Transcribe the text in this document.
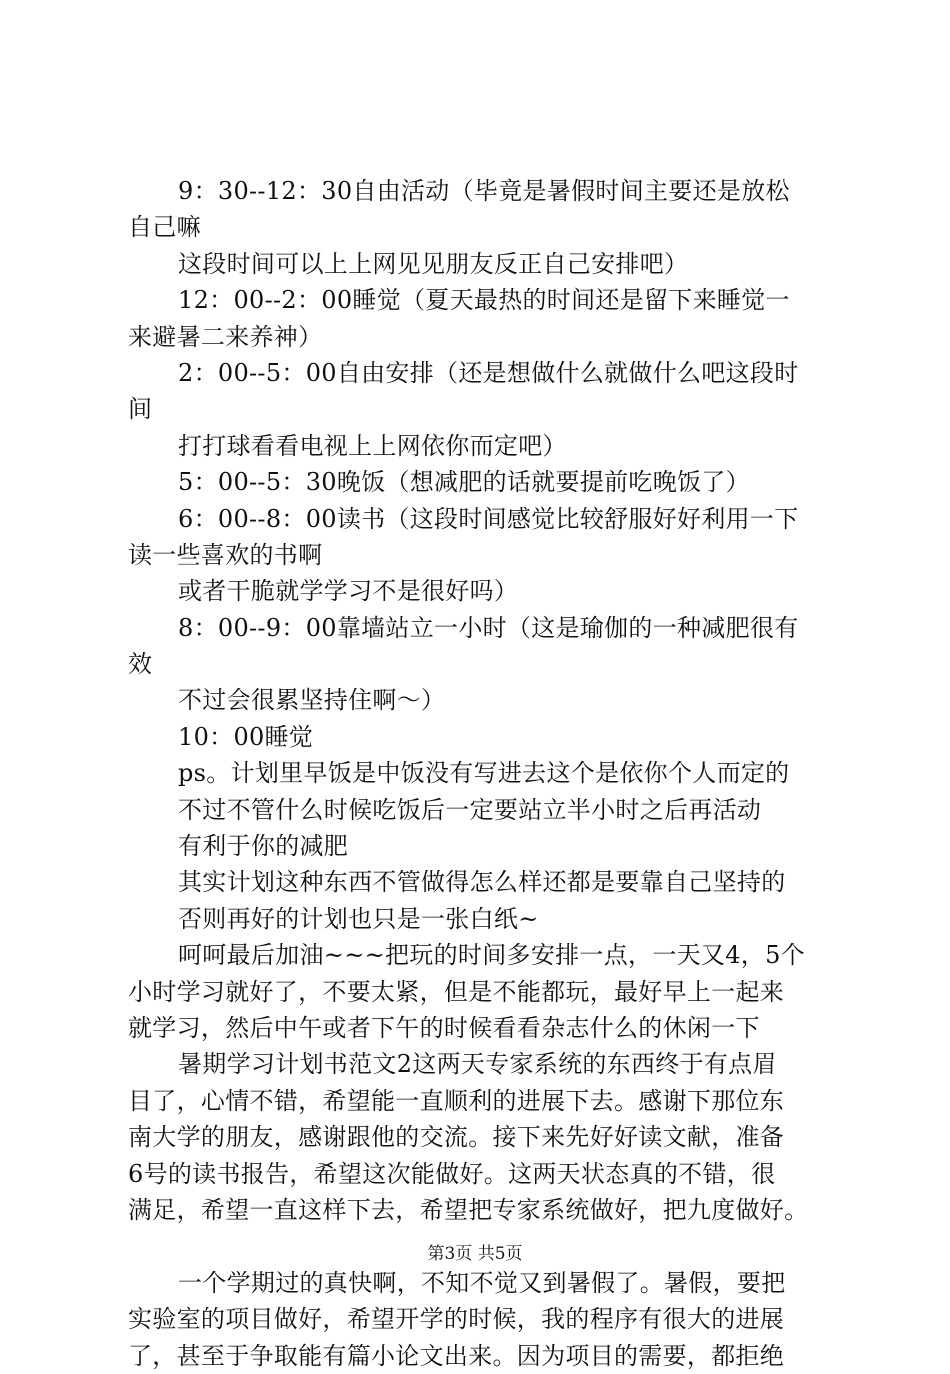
9：30--12：30自由活动（毕竟是暑假时间主要还是放松
自己嘛
这段时间可以上上网见见朋友反正自己安排吧）
12：00--2：00睡觉（夏天最热的时间还是留下来睡觉一
来避暑二来养神）
2：00--5：00自由安排（还是想做什么就做什么吧这段时
间
打打球看看电视上上网依你而定吧）
5：00--5：30晚饭（想减肥的话就要提前吃晚饭了）
6：00--8：00读书（这段时间感觉比较舒服好好利用一下
读一些喜欢的书啊
或者干脆就学学习不是很好吗）
8：00--9：00靠墙站立一小时（这是瑜伽的一种减肥很有
效
不过会很累坚持住啊～）
10：00睡觉
ps。计划里早饭是中饭没有写进去这个是依你个人而定的
不过不管什么时候吃饭后一定要站立半小时之后再活动
有利于你的减肥
其实计划这种东西不管做得怎么样还都是要靠自己坚持的
否则再好的计划也只是一张白纸~
呵呵最后加油~~~把玩的时间多安排一点，一天又4，5个
小时学习就好了，不要太紧，但是不能都玩，最好早上一起来
就学习，然后中午或者下午的时候看看杂志什么的休闲一下
暑期学习计划书范文2这两天专家系统的东西终于有点眉
目了，心情不错，希望能一直顺利的进展下去。感谢下那位东
南大学的朋友，感谢跟他的交流。接下来先好好读文献，准备
6号的读书报告，希望这次能做好。这两天状态真的不错，很
满足，希望一直这样下去，希望把专家系统做好，把九度做好。
一个学期过的真快啊，不知不觉又到暑假了。暑假，要把
实验室的项目做好，希望开学的时候，我的程序有很大的进展
了，甚至于争取能有篇小论文出来。因为项目的需要，都拒绝
第3页 共5页
